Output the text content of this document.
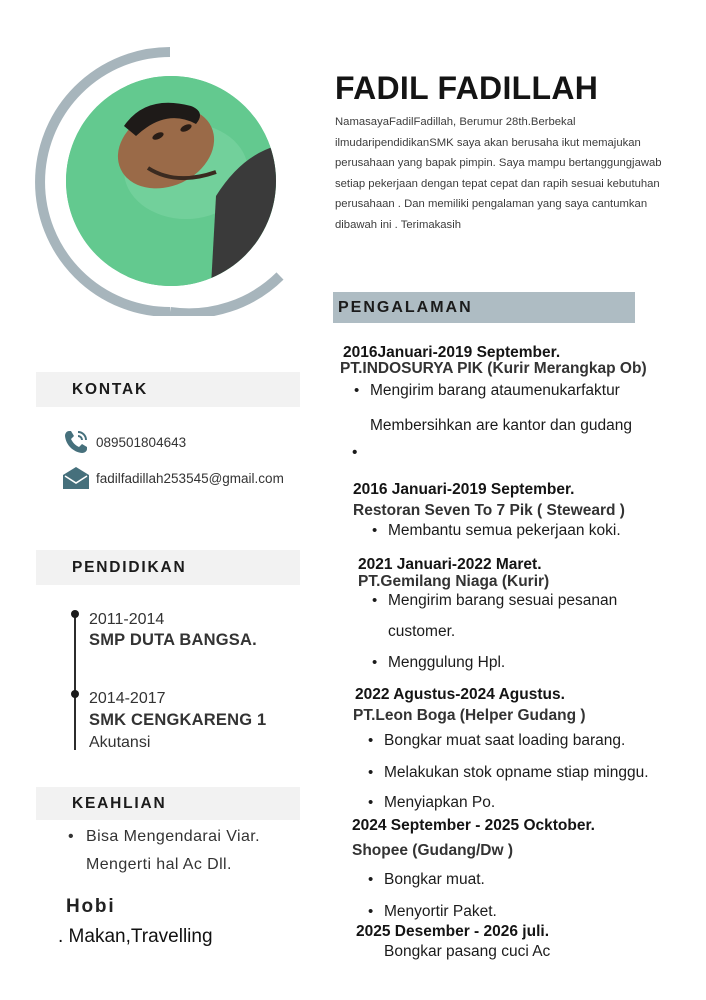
FADIL FADILLAH
NamasayaFadilFadillah, Berumur 28th.Berbekal ilmudaripendidikanSMK saya akan berusaha ikut memajukan perusahaan yang bapak pimpin. Saya mampu bertanggungjawab setiap pekerjaan dengan tepat cepat dan rapih sesuai kebutuhan perusahaan . Dan memiliki pengalaman yang saya cantumkan dibawah ini . Terimakasih
KONTAK
089501804643
fadilfadillah253545@gmail.com
PENDIDIKAN
2011-2014
SMP DUTA BANGSA.
2014-2017
SMK CENGKARENG 1
Akutansi
KEAHLIAN
• Bisa Mengendarai Viar.
Mengerti hal Ac Dll.
Hobi
. Makan,Travelling
PENGALAMAN
2016Januari-2019 September.
PT.INDOSURYA PIK (Kurir Merangkap Ob)
• Mengirim barang ataumenukarfaktur
Membersihkan are kantor dan gudang
•
2016 Januari-2019 September.
Restoran Seven To 7 Pik ( Steweard )
• Membantu semua pekerjaan koki.
2021 Januari-2022 Maret.
PT.Gemilang Niaga (Kurir)
• Mengirim barang sesuai pesanan
customer.
• Menggulung Hpl.
2022 Agustus-2024 Agustus.
PT.Leon Boga (Helper Gudang )
• Bongkar muat saat loading barang.
• Melakukan stok opname stiap minggu.
• Menyiapkan Po.
2024 September - 2025 Ocktober.
Shopee (Gudang/Dw )
• Bongkar muat.
• Menyortir Paket.
2025 Desember - 2026 juli.
Bongkar pasang cuci Ac
